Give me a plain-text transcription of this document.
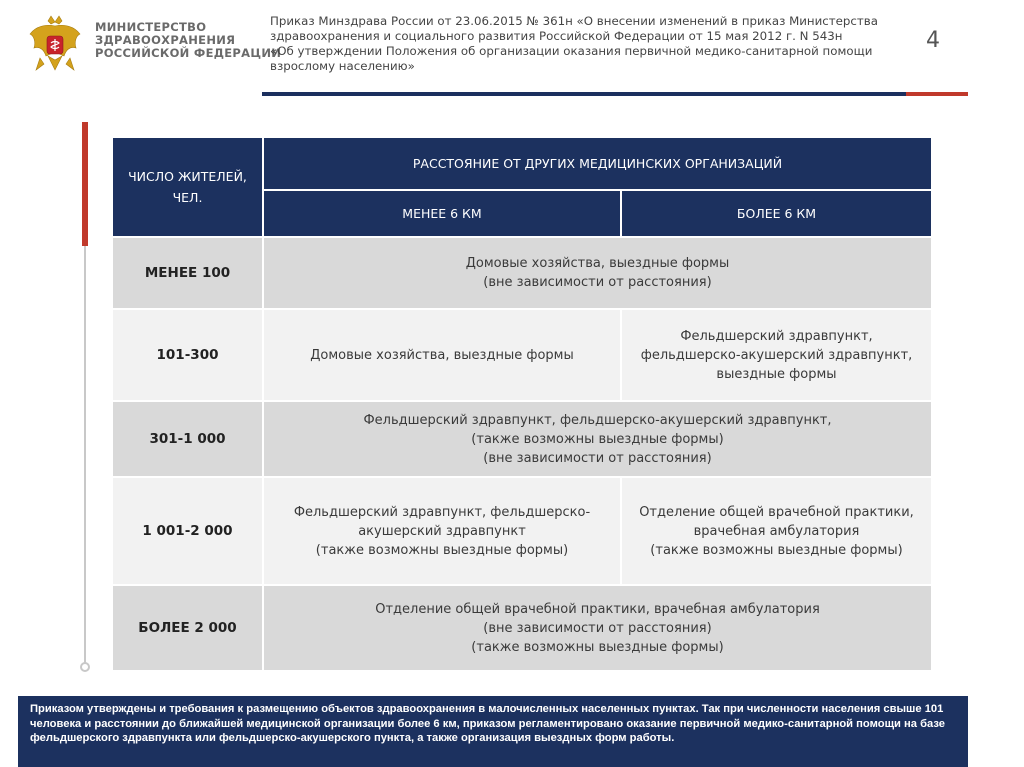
МИНИСТЕРСТВО
ЗДРАВООХРАНЕНИЯ
РОССИЙСКОЙ ФЕДЕРАЦИИ
Приказ Минздрава России от 23.06.2015 № 361н «О внесении изменений в приказ Министерства
здравоохранения и социального развития Российской Федерации от 15 мая 2012 г. N 543н
«Об утверждении Положения об организации оказания первичной медико-санитарной помощи
взрослому населению»
4
ЧИСЛО ЖИТЕЛЕЙ,
ЧЕЛ.
РАССТОЯНИЕ ОТ ДРУГИХ МЕДИЦИНСКИХ ОРГАНИЗАЦИЙ
МЕНЕЕ 6 КМ	БОЛЕЕ 6 КМ
МЕНЕЕ 100
Домовые хозяйства, выездные формы
(вне зависимости от расстояния)
101-300	Домовые хозяйства, выездные формы
Фельдшерский здравпункт,
фельдшерско-акушерский здравпункт,
выездные формы
301-1 000
Фельдшерский здравпункт, фельдшерско-акушерский здравпункт,
(также возможны выездные формы)
(вне зависимости от расстояния)
1 001-2 000
Фельдшерский здравпункт, фельдшерско-
акушерский здравпункт
(также возможны выездные формы)
Отделение общей врачебной практики,
врачебная амбулатория
(также возможны выездные формы)
БОЛЕЕ 2 000
Отделение общей врачебной практики, врачебная амбулатория
(вне зависимости от расстояния)
(также возможны выездные формы)
Приказом утверждены и требования к размещению объектов здравоохранения в малочисленных населенных пунктах. Так при численности населения свыше 101 человека и расстоянии до ближайшей медицинской организации более 6 км, приказом регламентировано оказание первичной медико-санитарной помощи на базе фельдшерского здравпункта или фельдшерско-акушерского пункта, а также организация выездных форм работы.
